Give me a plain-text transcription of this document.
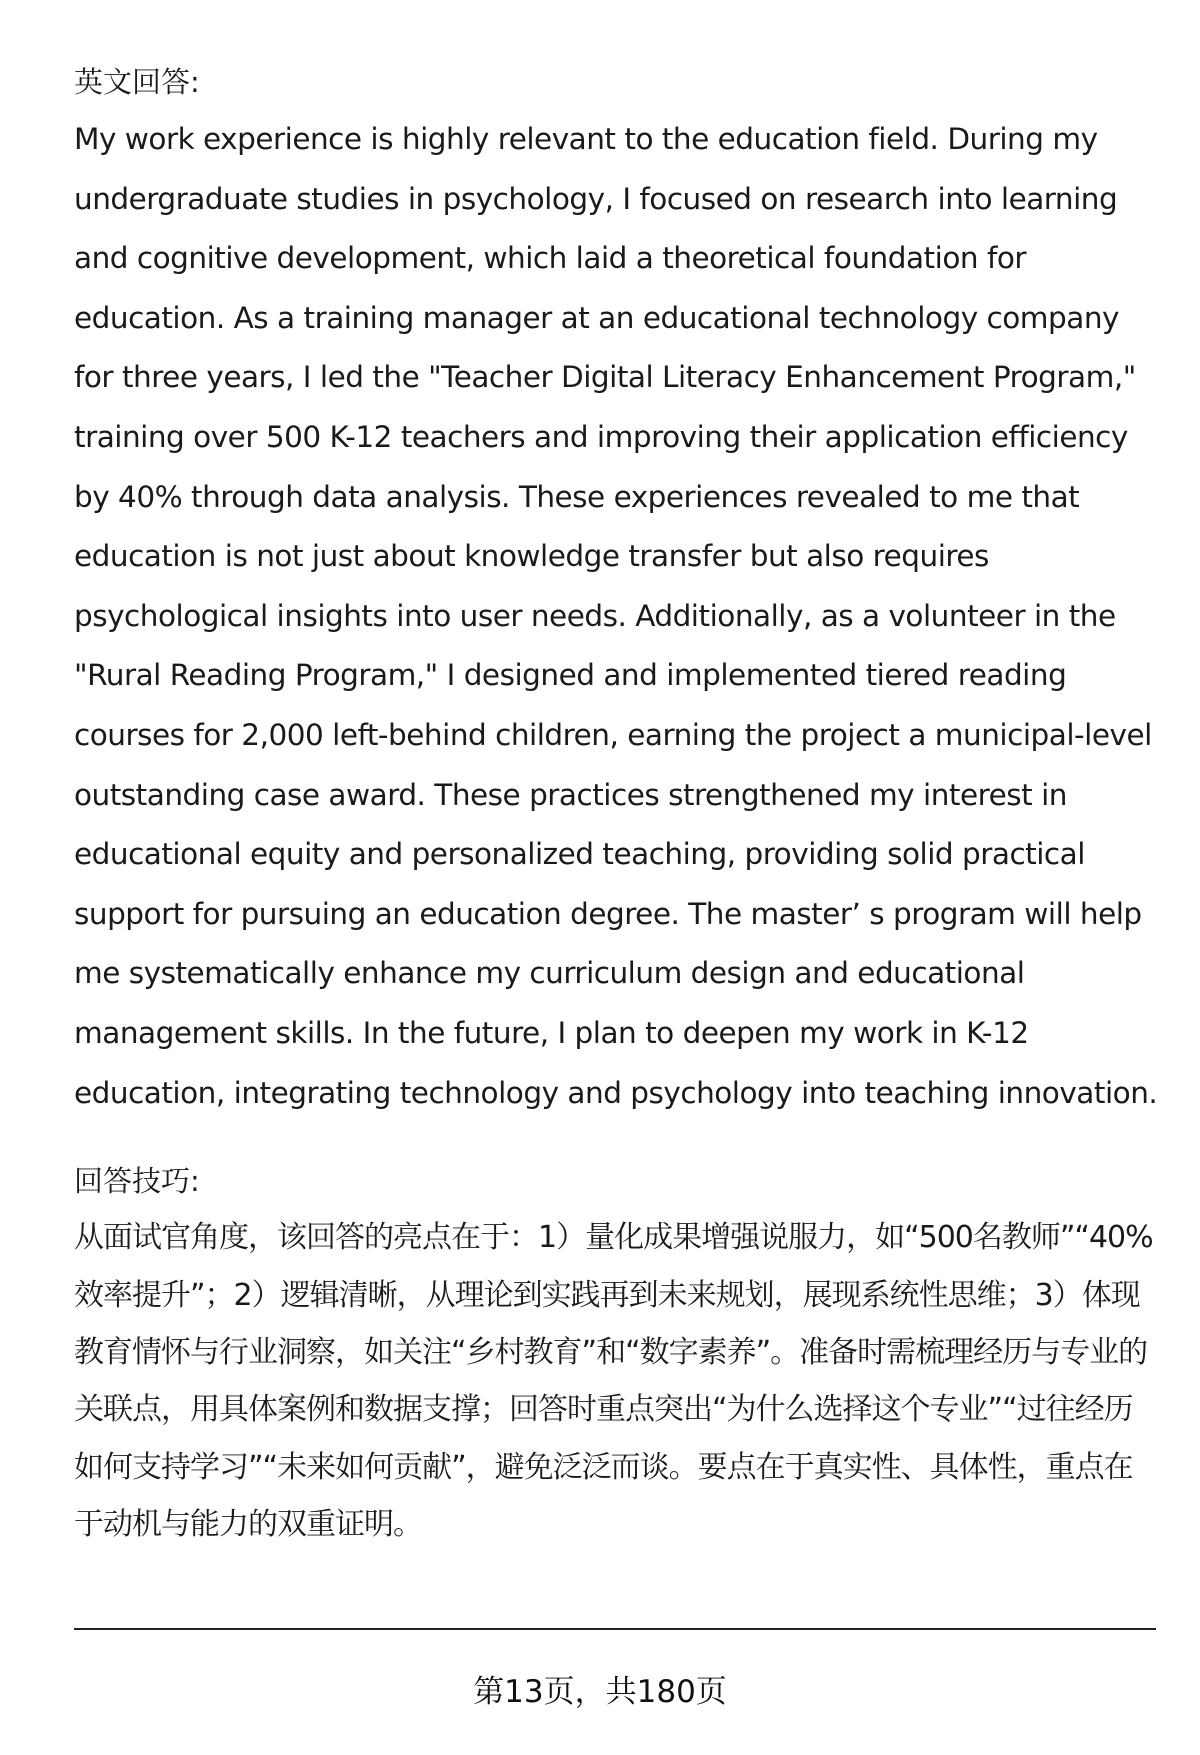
英文回答:

My work experience is highly relevant to the education field. During my undergraduate studies in psychology, I focused on research into learning and cognitive development, which laid a theoretical foundation for education. As a training manager at an educational technology company for three years, I led the "Teacher Digital Literacy Enhancement Program," training over 500 K-12 teachers and improving their application efficiency by 40% through data analysis. These experiences revealed to me that education is not just about knowledge transfer but also requires psychological insights into user needs. Additionally, as a volunteer in the "Rural Reading Program," I designed and implemented tiered reading courses for 2,000 left-behind children, earning the project a municipal-level outstanding case award. These practices strengthened my interest in educational equity and personalized teaching, providing solid practical support for pursuing an education degree. The master’ s program will help me systematically enhance my curriculum design and educational management skills. In the future, I plan to deepen my work in K-12 education, integrating technology and psychology into teaching innovation.

回答技巧:

从面试官角度，该回答的亮点在于：1）量化成果增强说服力，如“500名教师”“40%效率提升”；2）逻辑清晰，从理论到实践再到未来规划，展现系统性思维；3）体现教育情怀与行业洞察，如关注“乡村教育”和“数字素养”。准备时需梳理经历与专业的关联点，用具体案例和数据支撑；回答时重点突出“为什么选择这个专业”“过往经历如何支持学习”“未来如何贡献”，避免泛泛而谈。要点在于真实性、具体性，重点在于动机与能力的双重证明。

第13页，共180页
